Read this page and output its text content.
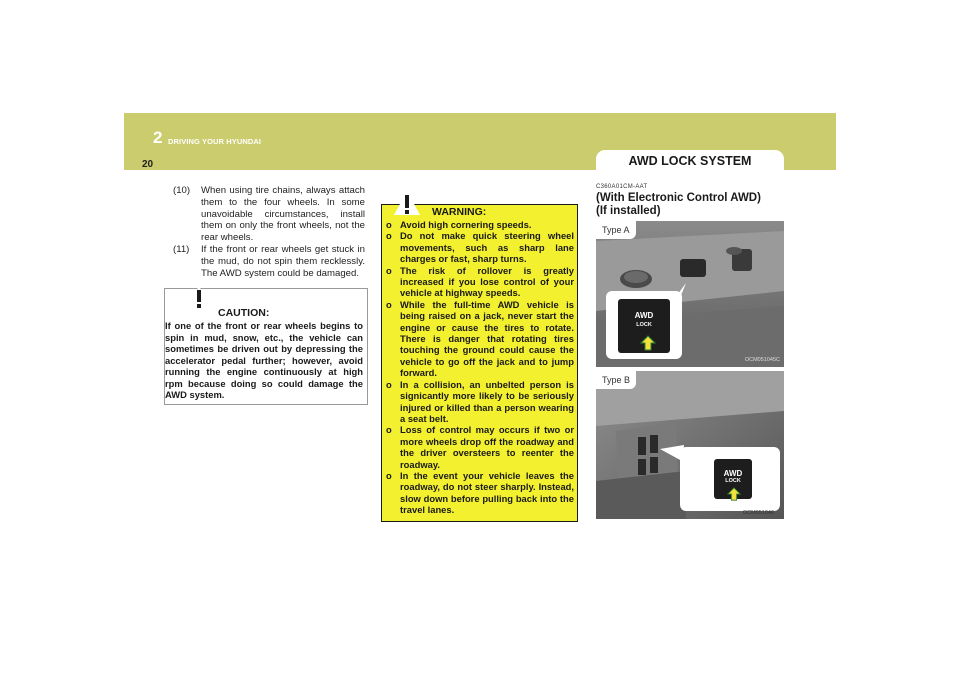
2 DRIVING YOUR HYUNDAI
20	AWD LOCK SYSTEM
(10)	When using tire chains, always attach them to the four wheels. In some unavoidable circumstances, install them on only the front wheels, not the rear wheels.
(11)	If the front or rear wheels get stuck in the mud, do not spin them recklessly. The AWD system could be damaged.
CAUTION:
If one of the front or rear wheels begins to spin in mud, snow, etc., the vehicle can sometimes be driven out by depressing the accelerator pedal further; however, avoid running the engine continuously at high rpm because doing so could damage the AWD system.
WARNING:
o Avoid high cornering speeds.
o Do not make quick steering wheel movements, such as sharp lane charges or fast, sharp turns.
o The risk of rollover is greatly increased if you lose control of your vehicle at highway speeds.
o While the full-time AWD vehicle is being raised on a jack, never start the engine or cause the tires to rotate. There is danger that rotating tires touching the ground could cause the vehicle to go off the jack and to jump forward.
o In a collision, an unbelted person is signicantly more likely to be seriously injured or killed than a person wearing a seat belt.
o Loss of control may occurs if two or more wheels drop off the roadway and the driver oversteers to reenter the roadway.
o In the event your vehicle leaves the roadway, do not steer sharply. Instead, slow down before pulling back into the travel lanes.
C360A01CM-AAT
(With Electronic Control AWD)
(If installed)
Type A
AWD
LOCK
OCM051045C
Type B
AWD
LOCK
OCM051046
